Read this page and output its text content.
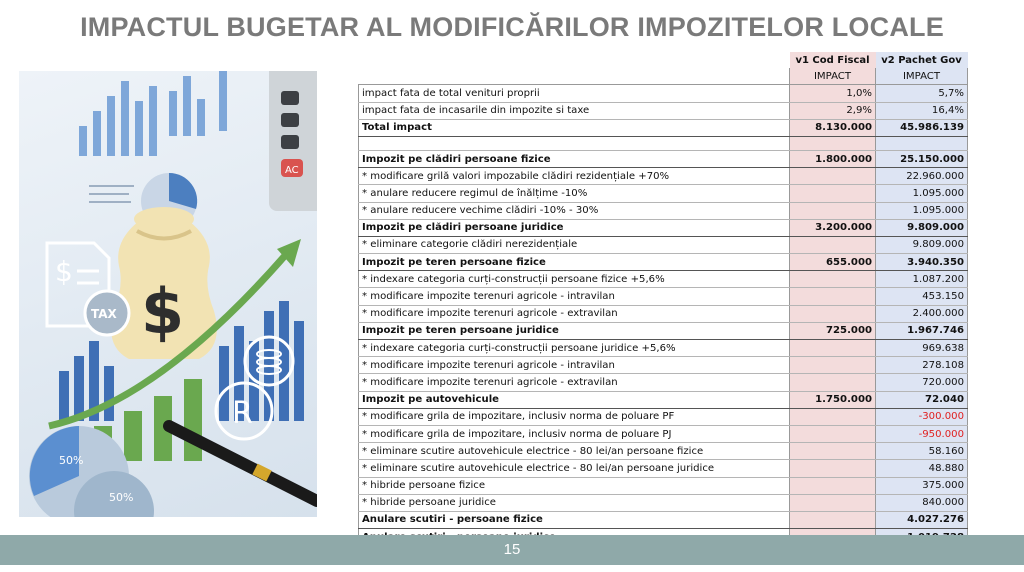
IMPACTUL BUGETAR AL MODIFICĂRILOR IMPOZITELOR LOCALE
AC
$
$
TAX
R
50%
50%
	v1 Cod Fiscal	v2 Pachet Gov
	IMPACT	IMPACT
impact fata de total venituri proprii	1,0%	5,7%
impact fata de incasarile din impozite si taxe	2,9%	16,4%
Total impact	8.130.000	45.986.139

Impozit pe clădiri persoane fizice	1.800.000	25.150.000
* modificare grilă valori impozabile clădiri rezidențiale +70%		22.960.000
* anulare reducere regimul de înălțime -10%		1.095.000
* anulare reducere vechime clădiri -10% - 30%		1.095.000
Impozit pe clădiri persoane juridice	3.200.000	9.809.000
* eliminare categorie clădiri nerezidențiale		9.809.000
Impozit pe teren persoane fizice	655.000	3.940.350
* indexare categoria curți-construcții persoane fizice +5,6%		1.087.200
* modificare impozite terenuri agricole - intravilan		453.150
* modificare impozite terenuri agricole - extravilan		2.400.000
Impozit pe teren persoane juridice	725.000	1.967.746
* indexare categoria curți-construcții persoane juridice +5,6%		969.638
* modificare impozite terenuri agricole - intravilan		278.108
* modificare impozite terenuri agricole - extravilan		720.000
Impozit pe autovehicule	1.750.000	72.040
* modificare grila de impozitare, inclusiv norma de poluare PF		-300.000
* modificare grila de impozitare, inclusiv norma de poluare PJ		-950.000
* eliminare scutire autovehicule electrice - 80 lei/an persoane fizice		58.160
* eliminare scutire autovehicule electrice - 80 lei/an persoane juridice		48.880
* hibride persoane fizice		375.000
* hibride persoane juridice		840.000
Anulare scutiri - persoane fizice		4.027.276

15
